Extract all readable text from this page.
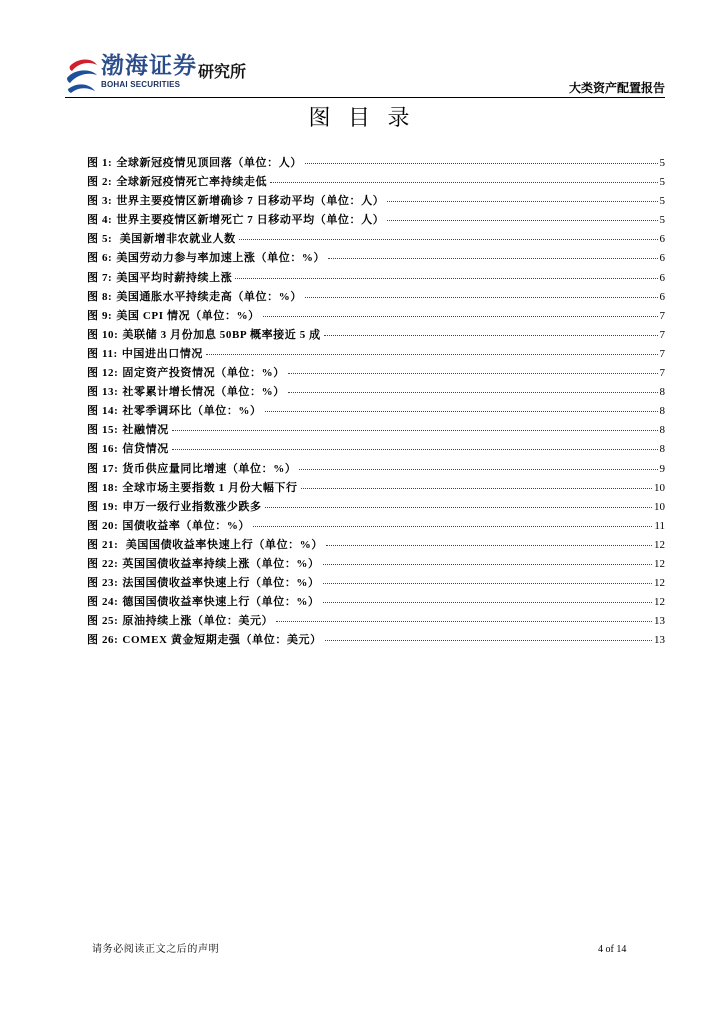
渤海证券
BOHAI SECURITIES
研究所
大类资产配置报告
图 目 录
图 1: 全球新冠疫情见顶回落（单位：人）	5
图 2: 全球新冠疫情死亡率持续走低	5
图 3: 世界主要疫情区新增确诊 7 日移动平均（单位：人）	5
图 4: 世界主要疫情区新增死亡 7 日移动平均（单位：人）	5
图 5: 美国新增非农就业人数	6
图 6: 美国劳动力参与率加速上涨（单位：%）	6
图 7: 美国平均时薪持续上涨	6
图 8: 美国通胀水平持续走高（单位：%）	6
图 9: 美国 CPI 情况（单位：%）	7
图 10: 美联储 3 月份加息 50BP 概率接近 5 成	7
图 11: 中国进出口情况	7
图 12: 固定资产投资情况（单位：%）	7
图 13: 社零累计增长情况（单位：%）	8
图 14: 社零季调环比（单位：%）	8
图 15: 社融情况	8
图 16: 信贷情况	8
图 17: 货币供应量同比增速（单位：%）	9
图 18: 全球市场主要指数 1 月份大幅下行	10
图 19: 申万一级行业指数涨少跌多	10
图 20: 国债收益率（单位：%）	11
图 21: 美国国债收益率快速上行（单位：%）	12
图 22: 英国国债收益率持续上涨（单位：%）	12
图 23: 法国国债收益率快速上行（单位：%）	12
图 24: 德国国债收益率快速上行（单位：%）	12
图 25: 原油持续上涨（单位：美元）	13
图 26: COMEX 黄金短期走强（单位：美元）	13
请务必阅读正文之后的声明	4 of 14
